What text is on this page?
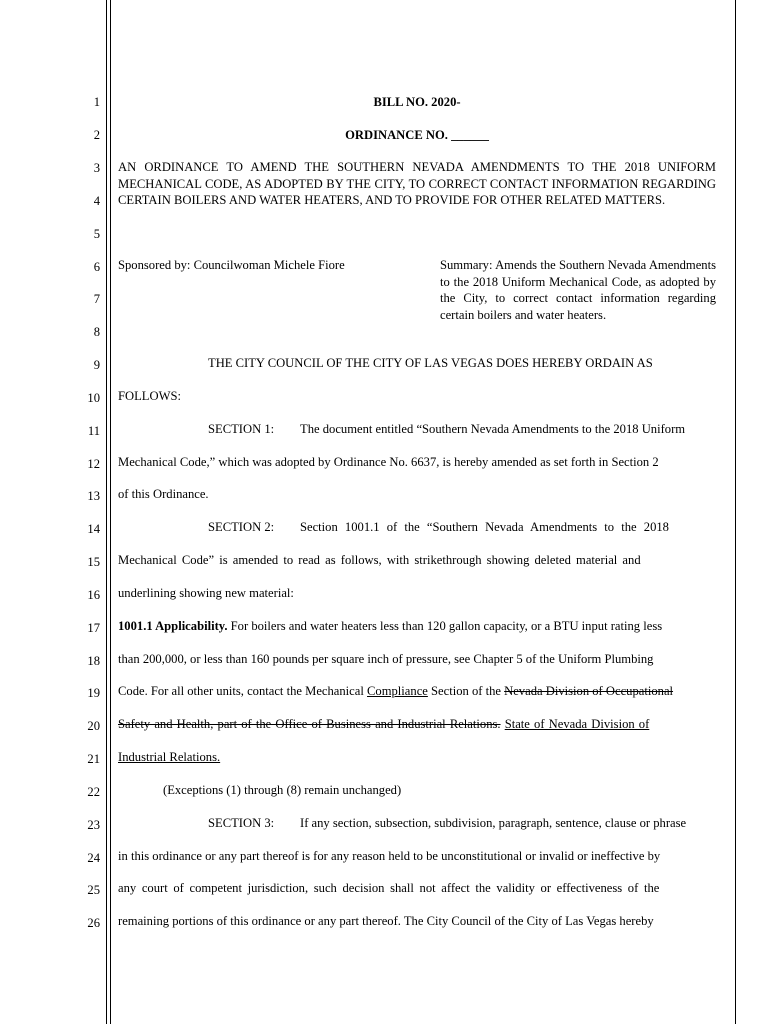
1
2
3
4
5
6
7
8
9
10
11
12
13
14
15
16
17
18
19
20
21
22
23
24
25
26
BILL NO. 2020-
ORDINANCE NO. ______
AN ORDINANCE TO AMEND THE SOUTHERN NEVADA AMENDMENTS TO THE 2018 UNIFORM MECHANICAL CODE, AS ADOPTED BY THE CITY, TO CORRECT CONTACT INFORMATION REGARDING CERTAIN BOILERS AND WATER HEATERS, AND TO PROVIDE FOR OTHER RELATED MATTERS.
Sponsored by: Councilwoman Michele Fiore	Summary: Amends the Southern Nevada Amendments to the 2018 Uniform Mechanical Code, as adopted by the City, to correct contact information regarding certain boilers and water heaters.
THE CITY COUNCIL OF THE CITY OF LAS VEGAS DOES HEREBY ORDAIN AS
FOLLOWS:
SECTION 1: The document entitled “Southern Nevada Amendments to the 2018 Uniform
Mechanical Code,” which was adopted by Ordinance No. 6637, is hereby amended as set forth in Section 2
of this Ordinance.
SECTION 2: Section 1001.1 of the “Southern Nevada Amendments to the 2018
Mechanical Code” is amended to read as follows, with strikethrough showing deleted material and
underlining showing new material:
1001.1 Applicability. For boilers and water heaters less than 120 gallon capacity, or a BTU input rating less
than 200,000, or less than 160 pounds per square inch of pressure, see Chapter 5 of the Uniform Plumbing
Code. For all other units, contact the Mechanical Compliance Section of the Nevada Division of Occupational
Safety and Health, part of the Office of Business and Industrial Relations. State of Nevada Division of
Industrial Relations.
(Exceptions (1) through (8) remain unchanged)
SECTION 3: If any section, subsection, subdivision, paragraph, sentence, clause or phrase
in this ordinance or any part thereof is for any reason held to be unconstitutional or invalid or ineffective by
any court of competent jurisdiction, such decision shall not affect the validity or effectiveness of the
remaining portions of this ordinance or any part thereof. The City Council of the City of Las Vegas hereby
